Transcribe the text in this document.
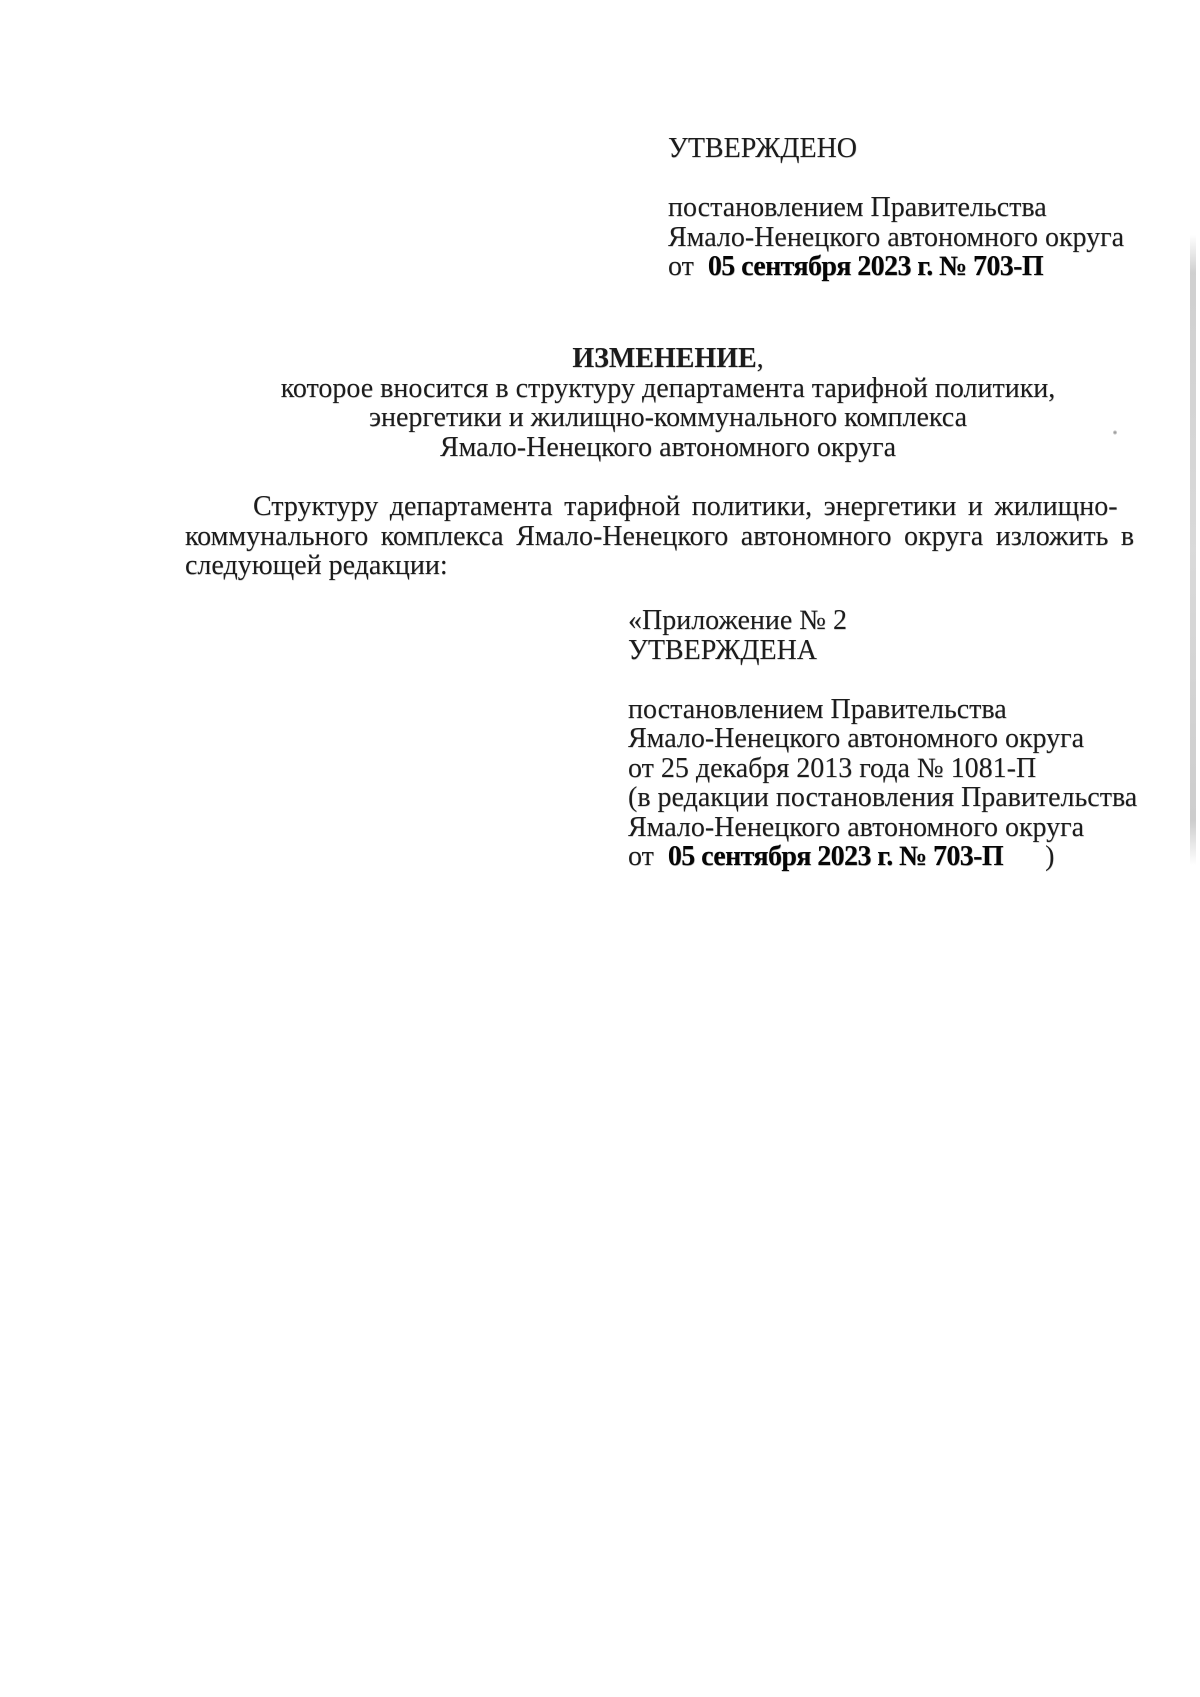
УТВЕРЖДЕНО
постановлением Правительства
Ямало-Ненецкого автономного округа
от 05 сентября 2023 г. № 703-П
ИЗМЕНЕНИЕ,
которое вносится в структуру департамента тарифной политики,
энергетики и жилищно-коммунального комплекса
Ямало-Ненецкого автономного округа
Структуру департамента тарифной политики, энергетики и жилищно-
коммунального комплекса Ямало-Ненецкого автономного округа изложить в
следующей редакции:
«Приложение № 2
УТВЕРЖДЕНА
постановлением Правительства
Ямало-Ненецкого автономного округа
от 25 декабря 2013 года № 1081-П
(в редакции постановления Правительства
Ямало-Ненецкого автономного округа
от 05 сентября 2023 г. № 703-П )
